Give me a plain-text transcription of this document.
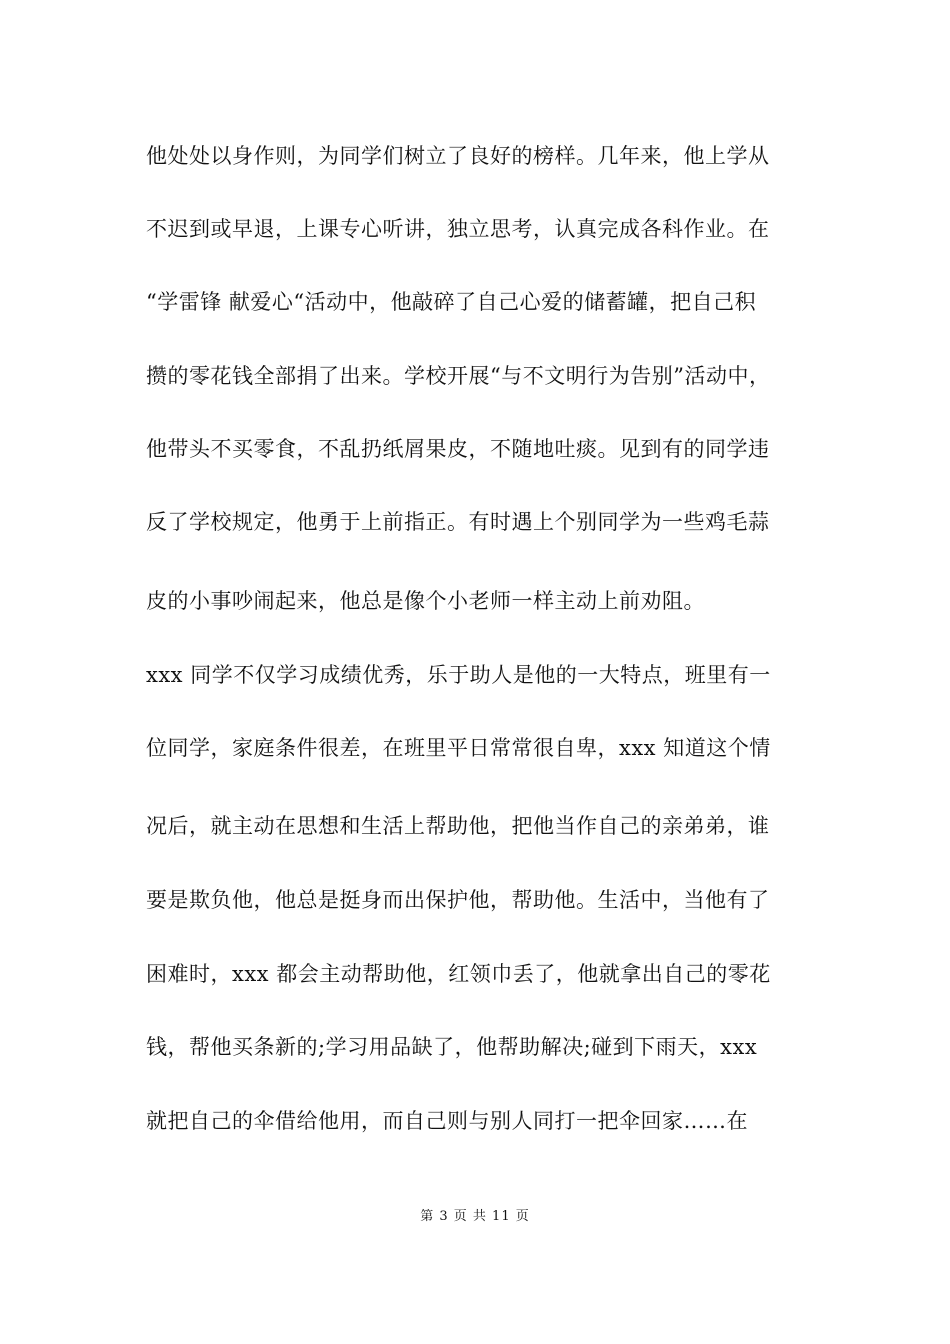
他处处以身作则，为同学们树立了良好的榜样。几年来，他上学从
不迟到或早退，上课专心听讲，独立思考，认真完成各科作业。在
“学雷锋 献爱心“活动中，他敲碎了自己心爱的储蓄罐，把自己积
攒的零花钱全部捐了出来。学校开展“与不文明行为告别”活动中，
他带头不买零食，不乱扔纸屑果皮，不随地吐痰。见到有的同学违
反了学校规定，他勇于上前指正。有时遇上个别同学为一些鸡毛蒜
皮的小事吵闹起来，他总是像个小老师一样主动上前劝阻。
xxx 同学不仅学习成绩优秀，乐于助人是他的一大特点，班里有一
位同学，家庭条件很差，在班里平日常常很自卑，xxx 知道这个情
况后，就主动在思想和生活上帮助他，把他当作自己的亲弟弟，谁
要是欺负他，他总是挺身而出保护他，帮助他。生活中，当他有了
困难时，xxx 都会主动帮助他，红领巾丢了，他就拿出自己的零花
钱，帮他买条新的;学习用品缺了，他帮助解决;碰到下雨天，xxx
就把自己的伞借给他用，而自己则与别人同打一把伞回家……在
第 3 页 共 11 页
